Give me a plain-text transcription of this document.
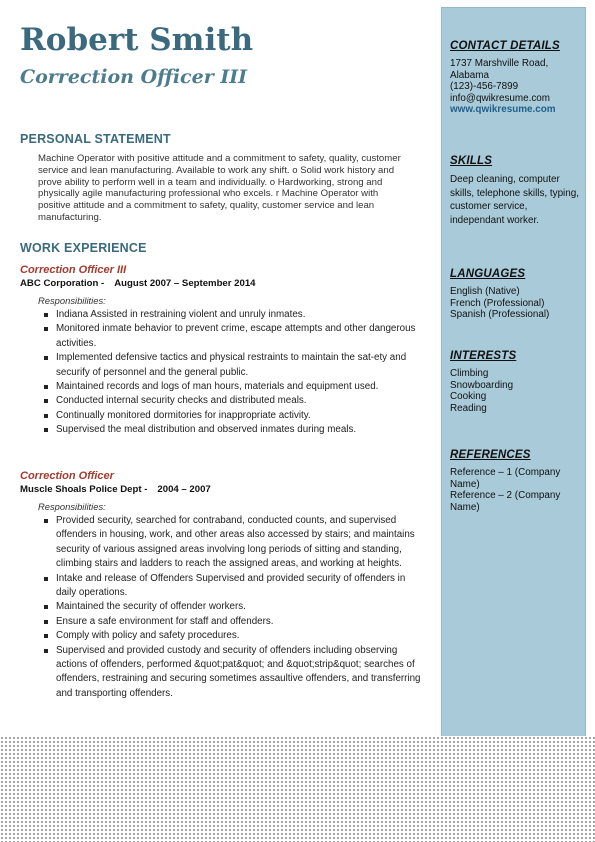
Robert Smith
Correction Officer III
PERSONAL STATEMENT
Machine Operator with positive attitude and a commitment to safety, quality, customer service and lean manufacturing. Available to work any shift. o Solid work history and prove ability to perform well in a team and individually. o Hardworking, strong and physically agile manufacturing professional who excels. r Machine Operator with positive attitude and a commitment to safety, quality, customer service and lean manufacturing.
WORK EXPERIENCE
Correction Officer III
ABC Corporation - August 2007 – September 2014
Responsibilities:
Indiana Assisted in restraining violent and unruly inmates.
Monitored inmate behavior to prevent crime, escape attempts and other dangerous activities.
Implemented defensive tactics and physical restraints to maintain the sat-ety and securify of personnel and the general public.
Maintained records and logs of man hours, materials and equipment used.
Conducted internal security checks and distributed meals.
Continually monitored dormitories for inappropriate activity.
Supervised the meal distribution and observed inmates during meals.
Correction Officer
Muscle Shoals Police Dept - 2004 – 2007
Responsibilities:
Provided security, searched for contraband, conducted counts, and supervised offenders in housing, work, and other areas also accessed by stairs; and maintains security of various assigned areas involving long periods of sitting and standing, climbing stairs and ladders to reach the assigned areas, and working at heights.
Intake and release of Offenders Supervised and provided security of offenders in daily operations.
Maintained the security of offender workers.
Ensure a safe environment for staff and offenders.
Comply with policy and safety procedures.
Supervised and provided custody and security of offenders including observing actions of offenders, performed &quot;pat&quot; and &quot;strip&quot; searches of offenders, restraining and securing sometimes assaultive offenders, and transferring and transporting offenders.
CONTACT DETAILS
1737 Marshville Road,
Alabama
(123)-456-7899
info@qwikresume.com
www.qwikresume.com
SKILLS
Deep cleaning, computer skills, telephone skills, typing, customer service, independant worker.
LANGUAGES
English (Native)
French (Professional)
Spanish (Professional)
INTERESTS
Climbing
Snowboarding
Cooking
Reading
REFERENCES
Reference – 1 (Company Name)
Reference – 2 (Company Name)
